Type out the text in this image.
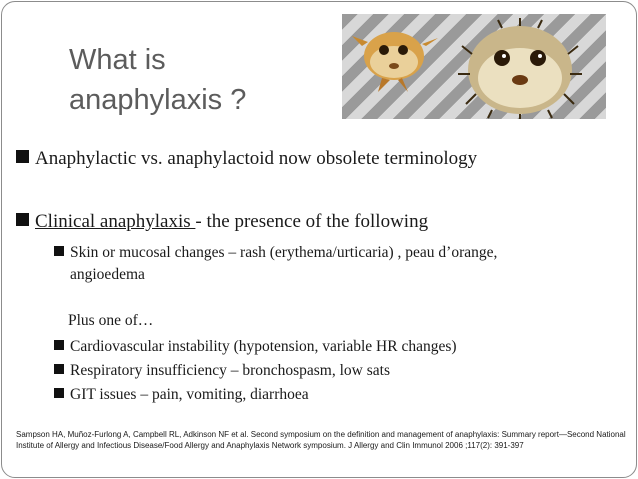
What is
anaphylaxis ?
Anaphylactic vs. anaphylactoid now obsolete terminology
Clinical anaphylaxis - the presence of the following
Skin or mucosal changes – rash (erythema/urticaria) , peau d’orange,
angioedema
Plus one of…
Cardiovascular instability (hypotension, variable HR changes)
Respiratory insufficiency – bronchospasm, low sats
GIT issues – pain, vomiting, diarrhoea
Sampson HA, Muñoz-Furlong A, Campbell RL, Adkinson NF et al. Second symposium on the definition and management of anaphylaxis: Summary report—Second National
Institute of Allergy and Infectious Disease/Food Allergy and Anaphylaxis Network symposium. J Allergy and Clin Immunol 2006 ;117(2): 391-397
